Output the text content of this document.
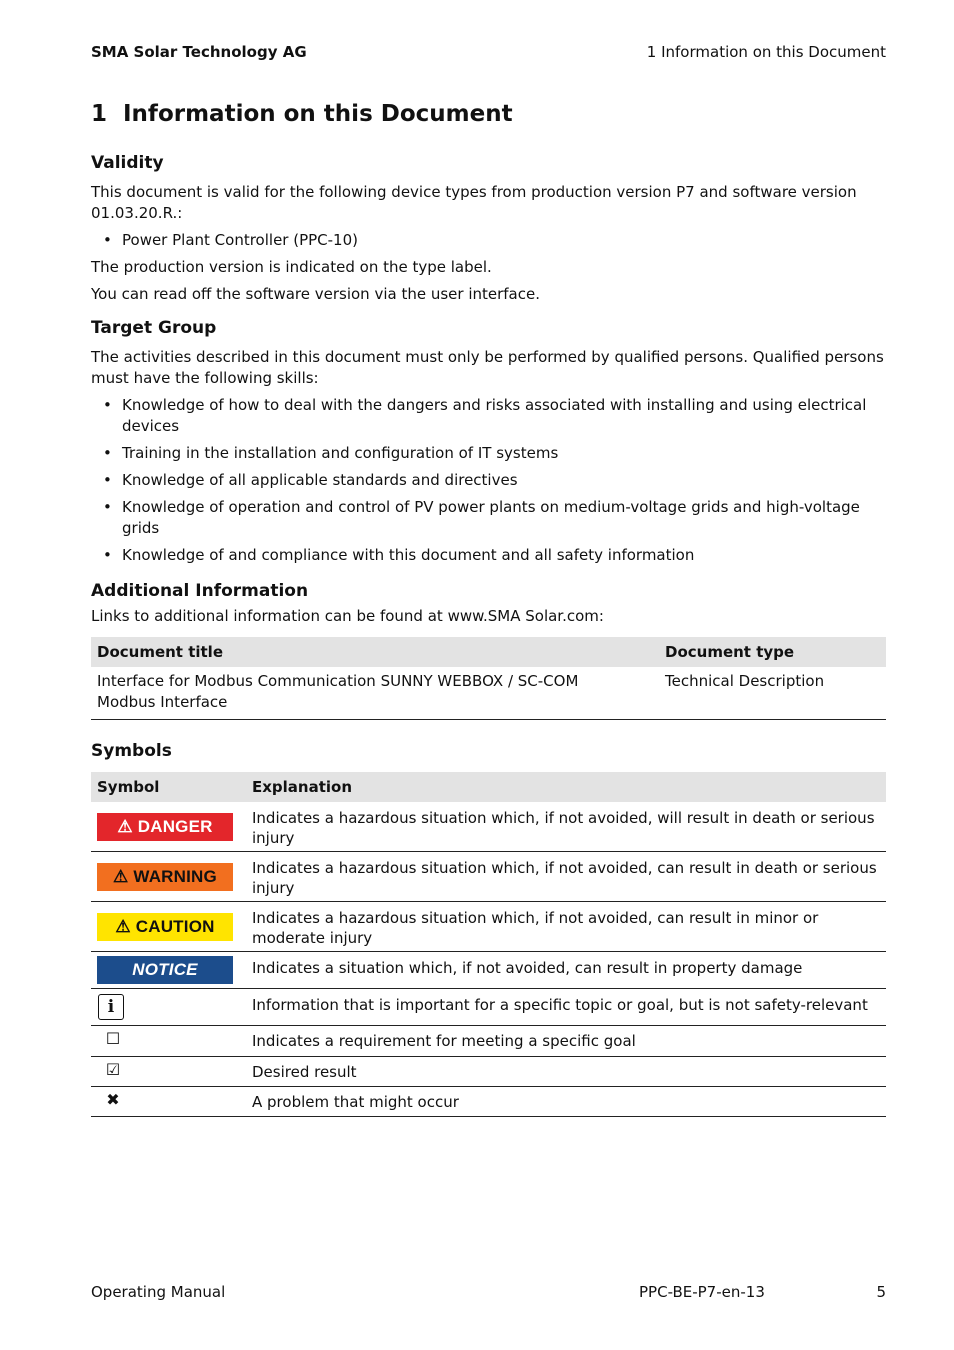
SMA Solar Technology AG	1 Information on this Document
1 Information on this Document
Validity

This document is valid for the following device types from production version P7 and software version 01.03.20.R.:

• Power Plant Controller (PPC-10)

The production version is indicated on the type label.

You can read off the software version via the user interface.

Target Group

The activities described in this document must only be performed by qualified persons. Qualified persons must have the following skills:

• Knowledge of how to deal with the dangers and risks associated with installing and using electrical devices
• Training in the installation and configuration of IT systems
• Knowledge of all applicable standards and directives
• Knowledge of operation and control of PV power plants on medium-voltage grids and high-voltage grids
• Knowledge of and compliance with this document and all safety information
Additional Information

Links to additional information can be found at www.SMA Solar.com:

Document title	Document type
Interface for Modbus Communication SUNNY WEBBOX / SC-COM Modbus Interface	Technical Description
Symbols
Symbol	Explanation
⚠ DANGER	Indicates a hazardous situation which, if not avoided, will result in death or serious injury
⚠ WARNING	Indicates a hazardous situation which, if not avoided, can result in death or serious injury
⚠ CAUTION	Indicates a hazardous situation which, if not avoided, can result in minor or moderate injury
NOTICE	Indicates a situation which, if not avoided, can result in property damage
i	Information that is important for a specific topic or goal, but is not safety-relevant
☐	Indicates a requirement for meeting a specific goal
☑	Desired result
✖	A problem that might occur
Operating Manual	PPC-BE-P7-en-13	5
